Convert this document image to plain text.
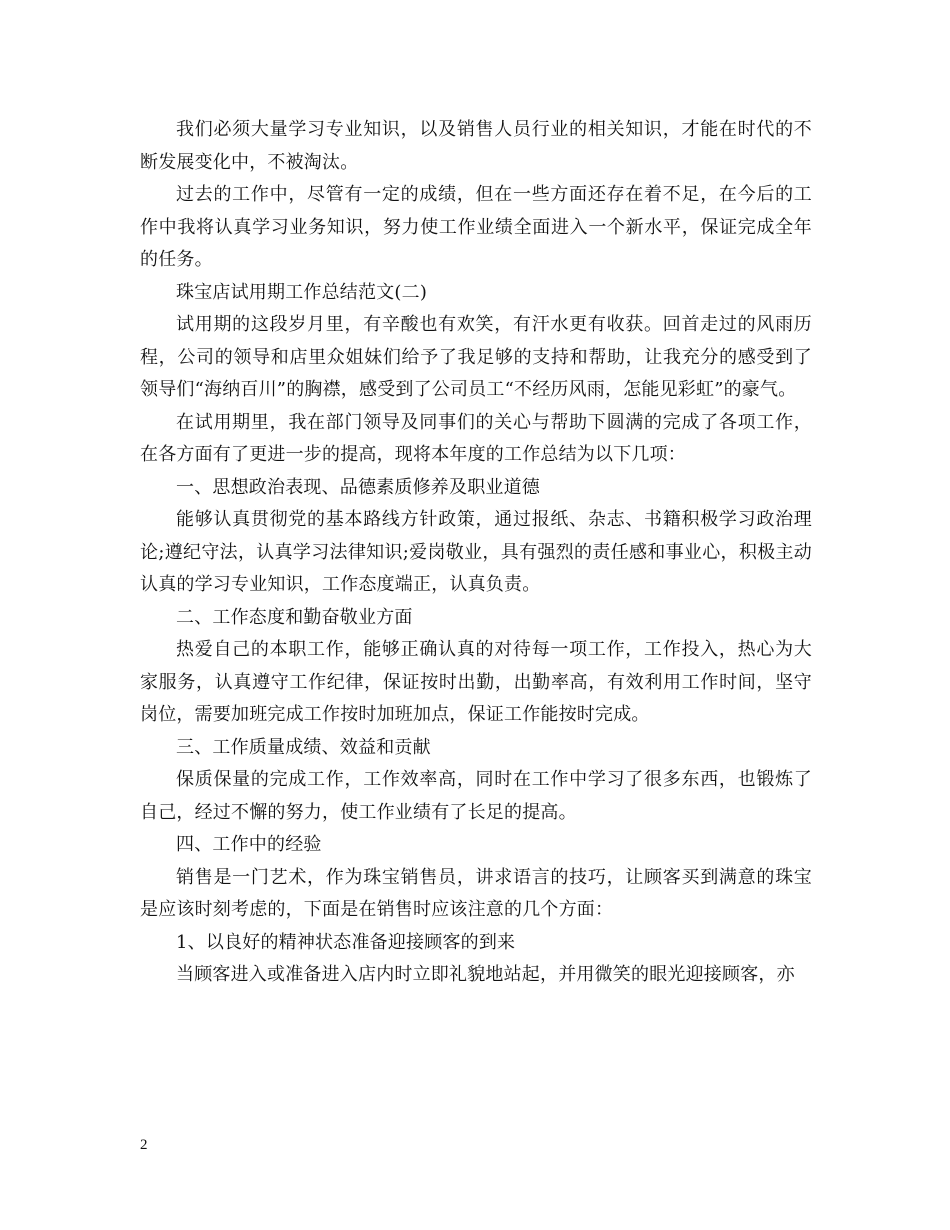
我们必须大量学习专业知识，以及销售人员行业的相关知识，才能在时代的不断发展变化中，不被淘汰。

过去的工作中，尽管有一定的成绩，但在一些方面还存在着不足，在今后的工作中我将认真学习业务知识，努力使工作业绩全面进入一个新水平，保证完成全年的任务。

珠宝店试用期工作总结范文(二)

试用期的这段岁月里，有辛酸也有欢笑，有汗水更有收获。回首走过的风雨历程，公司的领导和店里众姐妹们给予了我足够的支持和帮助，让我充分的感受到了领导们“海纳百川”的胸襟，感受到了公司员工“不经历风雨，怎能见彩虹”的豪气。

在试用期里，我在部门领导及同事们的关心与帮助下圆满的完成了各项工作，在各方面有了更进一步的提高，现将本年度的工作总结为以下几项：

一、思想政治表现、品德素质修养及职业道德

能够认真贯彻党的基本路线方针政策，通过报纸、杂志、书籍积极学习政治理论;遵纪守法，认真学习法律知识;爱岗敬业，具有强烈的责任感和事业心，积极主动认真的学习专业知识，工作态度端正，认真负责。

二、工作态度和勤奋敬业方面

热爱自己的本职工作，能够正确认真的对待每一项工作，工作投入，热心为大家服务，认真遵守工作纪律，保证按时出勤，出勤率高，有效利用工作时间，坚守岗位，需要加班完成工作按时加班加点，保证工作能按时完成。

三、工作质量成绩、效益和贡献

保质保量的完成工作，工作效率高，同时在工作中学习了很多东西，也锻炼了自己，经过不懈的努力，使工作业绩有了长足的提高。

四、工作中的经验

销售是一门艺术，作为珠宝销售员，讲求语言的技巧，让顾客买到满意的珠宝是应该时刻考虑的，下面是在销售时应该注意的几个方面：

1、以良好的精神状态准备迎接顾客的到来

当顾客进入或准备进入店内时立即礼貌地站起，并用微笑的眼光迎接顾客，亦

2
